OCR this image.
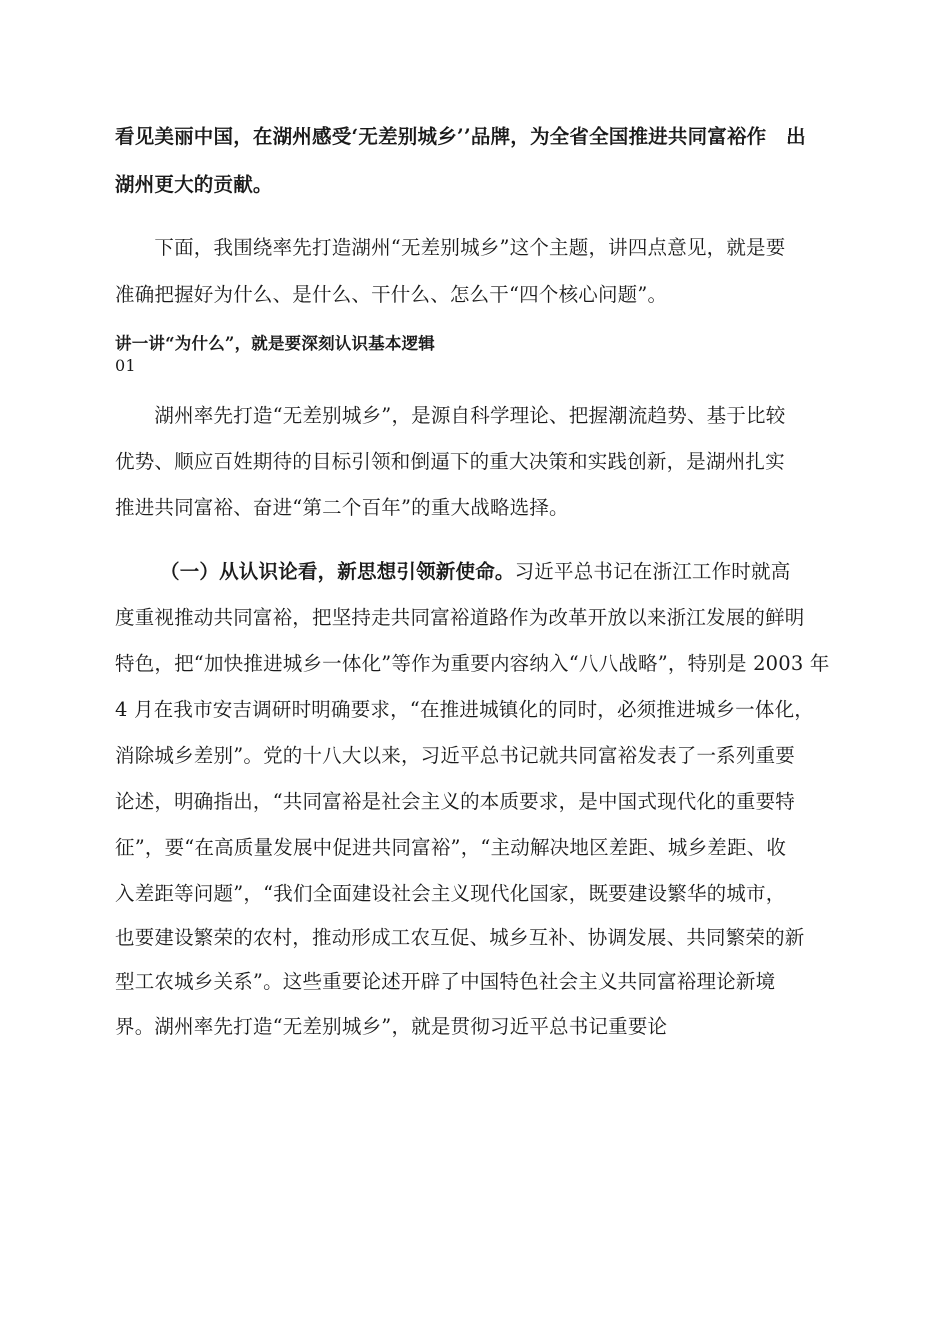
看见美丽中国，在湖州感受‘无差别城乡’’品牌，为全省全国推进共同富裕作　出
湖州更大的贡献。
　　下面，我围绕率先打造湖州“无差别城乡”这个主题，讲四点意见，就是要
准确把握好为什么、是什么、干什么、怎么干“四个核心问题”。
讲一讲“为什么”，就是要深刻认识基本逻辑
01
　　湖州率先打造“无差别城乡”，是源自科学理论、把握潮流趋势、基于比较
优势、顺应百姓期待的目标引领和倒逼下的重大决策和实践创新，是湖州扎实
推进共同富裕、奋进“第二个百年”的重大战略选择。
（一）从认识论看，新思想引领新使命。习近平总书记在浙江工作时就高
度重视推动共同富裕，把坚持走共同富裕道路作为改革开放以来浙江发展的鲜明
特色，把“加快推进城乡一体化”等作为重要内容纳入“八八战略”，特别是 2003 年
4 月在我市安吉调研时明确要求，“在推进城镇化的同时，必须推进城乡一体化，
消除城乡差别”。党的十八大以来，习近平总书记就共同富裕发表了一系列重要
论述，明确指出，“共同富裕是社会主义的本质要求，是中国式现代化的重要特
征”，要“在高质量发展中促进共同富裕”，“主动解决地区差距、城乡差距、收
入差距等问题”，“我们全面建设社会主义现代化国家，既要建设繁华的城市，
也要建设繁荣的农村，推动形成工农互促、城乡互补、协调发展、共同繁荣的新
型工农城乡关系”。这些重要论述开辟了中国特色社会主义共同富裕理论新境
界。湖州率先打造“无差别城乡”，就是贯彻习近平总书记重要论
